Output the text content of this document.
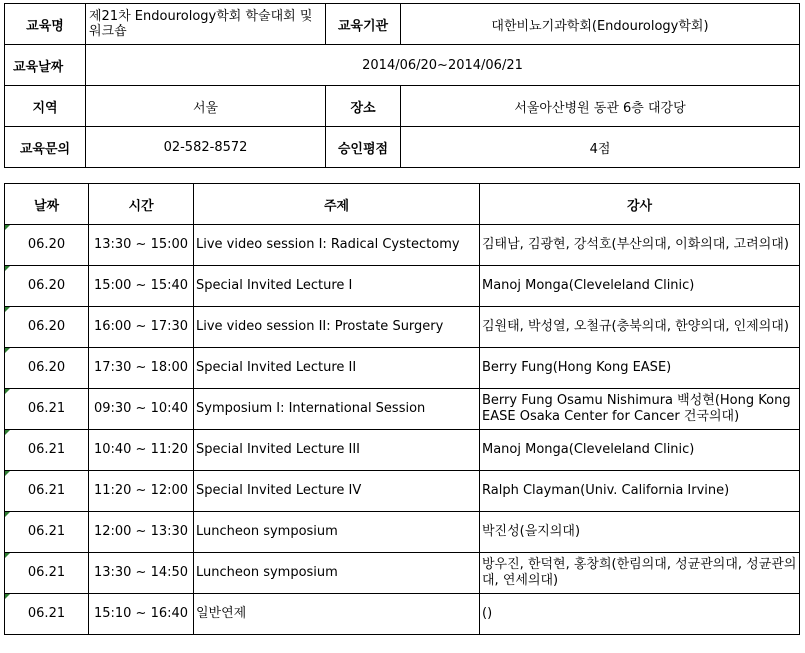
교육명	제21차 Endourology학회 학술대회 및 워크숍	교육기관	대한비뇨기과학회(Endourology학회)
교육날짜	2014/06/20~2014/06/21		
지역	서울	장소	서울아산병원 동관 6층 대강당
교육문의	02-582-8572	승인평점	4점
날짜	시간	주제	강사
06.20	13:30 ~ 15:00	Live video session I: Radical Cystectomy	김태남, 김광현, 강석호(부산의대, 이화의대, 고려의대)
06.20	15:00 ~ 15:40	Special Invited Lecture I	Manoj Monga(Cleveleland Clinic)
06.20	16:00 ~ 17:30	Live video session II: Prostate Surgery	김원태, 박성열, 오철규(충북의대, 한양의대, 인제의대)
06.20	17:30 ~ 18:00	Special Invited Lecture II	Berry Fung(Hong Kong EASE)
06.21	09:30 ~ 10:40	Symposium I: International Session	Berry Fung Osamu Nishimura 백성현(Hong Kong EASE Osaka Center for Cancer 건국의대)
06.21	10:40 ~ 11:20	Special Invited Lecture III	Manoj Monga(Cleveleland Clinic)
06.21	11:20 ~ 12:00	Special Invited Lecture IV	Ralph Clayman(Univ. California Irvine)
06.21	12:00 ~ 13:30	Luncheon symposium	박진성(을지의대)
06.21	13:30 ~ 14:50	Luncheon symposium	방우진, 한덕현, 홍창희(한림의대, 성균관의대, 성균관의대, 연세의대)
06.21	15:10 ~ 16:40	일반연제	()
